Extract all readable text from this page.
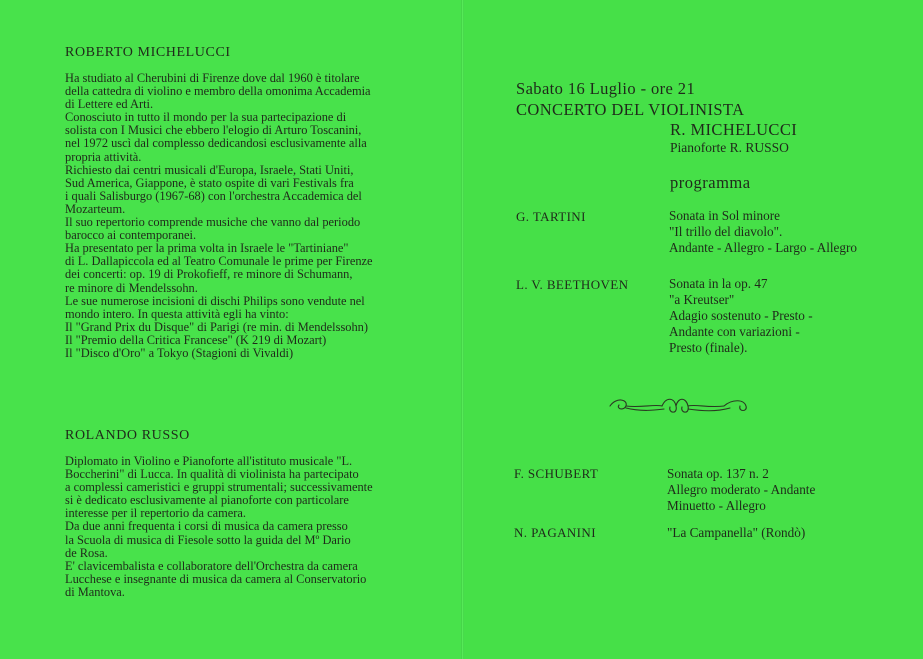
ROBERTO MICHELUCCI
Ha studiato al Cherubini di Firenze dove dal 1960 è titolare
della cattedra di violino e membro della omonima Accademia
di Lettere ed Arti.
Conosciuto in tutto il mondo per la sua partecipazione di
solista con I Musici che ebbero l'elogio di Arturo Toscanini,
nel 1972 uscì dal complesso dedicandosi esclusivamente alla
propria attività.
Richiesto dai centri musicali d'Europa, Israele, Stati Uniti,
Sud America, Giappone, è stato ospite di vari Festivals fra
i quali Salisburgo (1967-68) con l'orchestra Accademica del
Mozarteum.
Il suo repertorio comprende musiche che vanno dal periodo
barocco ai contemporanei.
Ha presentato per la prima volta in Israele le "Tartiniane"
di L. Dallapiccola ed al Teatro Comunale le prime per Firenze
dei concerti: op. 19 di Prokofieff, re minore di Schumann,
re minore di Mendelssohn.
Le sue numerose incisioni di dischi Philips sono vendute nel
mondo intero. In questa attività egli ha vinto:
Il "Grand Prix du Disque" di Parigi (re min. di Mendelssohn)
Il "Premio della Critica Francese" (K 219 di Mozart)
Il "Disco d'Oro" a Tokyo (Stagioni di Vivaldi)
ROLANDO RUSSO
Diplomato in Violino e Pianoforte all'istituto musicale "L.
Boccherini" di Lucca. In qualità di violinista ha partecipato
a complessi cameristici e gruppi strumentali; successivamente
si è dedicato esclusivamente al pianoforte con particolare
interesse per il repertorio da camera.
Da due anni frequenta i corsi di musica da camera presso
la Scuola di musica di Fiesole sotto la guida del Mº Dario
de Rosa.
E' clavicembalista e collaboratore dell'Orchestra da camera
Lucchese e insegnante di musica da camera al Conservatorio
di Mantova.
Sabato 16 Luglio - ore 21
CONCERTO DEL VIOLINISTA
R. MICHELUCCI
Pianoforte R. RUSSO
programma
G. TARTINI	Sonata in Sol minore
"Il trillo del diavolo".
Andante - Allegro - Largo - Allegro
L. V. BEETHOVEN	Sonata in la op. 47
"a Kreutser"
Adagio sostenuto - Presto -
Andante con variazioni -
Presto (finale).
F. SCHUBERT	Sonata op. 137 n. 2
Allegro moderato - Andante
Minuetto - Allegro
N. PAGANINI	"La Campanella" (Rondò)
